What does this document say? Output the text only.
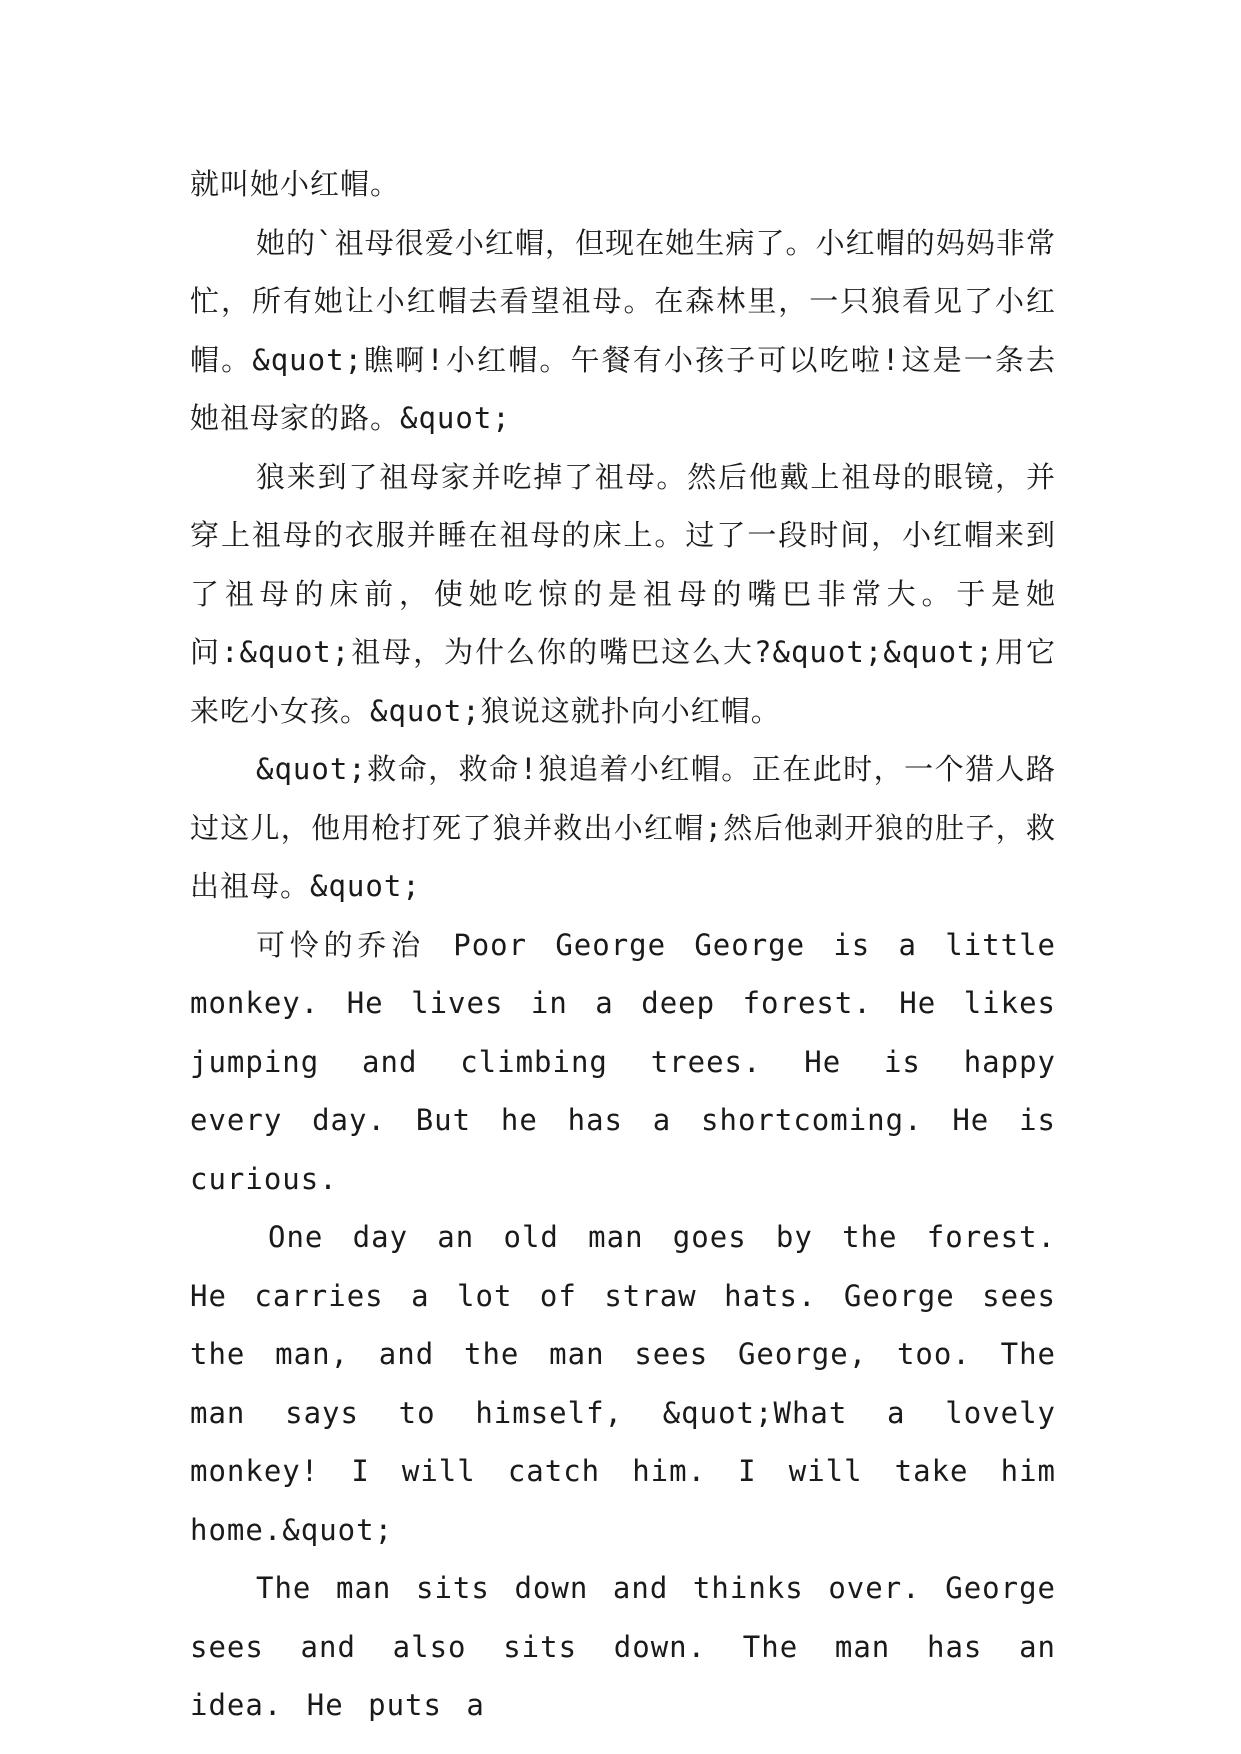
就叫她小红帽。

她的`祖母很爱小红帽，但现在她生病了。小红帽的妈妈非常忙，所有她让小红帽去看望祖母。在森林里，一只狼看见了小红帽。&quot;瞧啊!小红帽。午餐有小孩子可以吃啦!这是一条去她祖母家的路。&quot;

狼来到了祖母家并吃掉了祖母。然后他戴上祖母的眼镜，并穿上祖母的衣服并睡在祖母的床上。过了一段时间，小红帽来到了祖母的床前，使她吃惊的是祖母的嘴巴非常大。于是她问:&quot;祖母，为什么你的嘴巴这么大?&quot;&quot;用它来吃小女孩。&quot;狼说这就扑向小红帽。

&quot;救命，救命!狼追着小红帽。正在此时，一个猎人路过这儿，他用枪打死了狼并救出小红帽;然后他剥开狼的肚子，救出祖母。&quot;

可怜的乔治 Poor George George is a little monkey. He lives in a deep forest. He likes jumping and climbing trees. He is happy every day. But he has a shortcoming. He is curious.

One day an old man goes by the forest. He carries a lot of straw hats. George sees the man, and the man sees George, too. The man says to himself, &quot;What a lovely monkey! I will catch him. I will take him home.&quot;

The man sits down and thinks over. George sees and also sits down. The man has an idea. He puts a
